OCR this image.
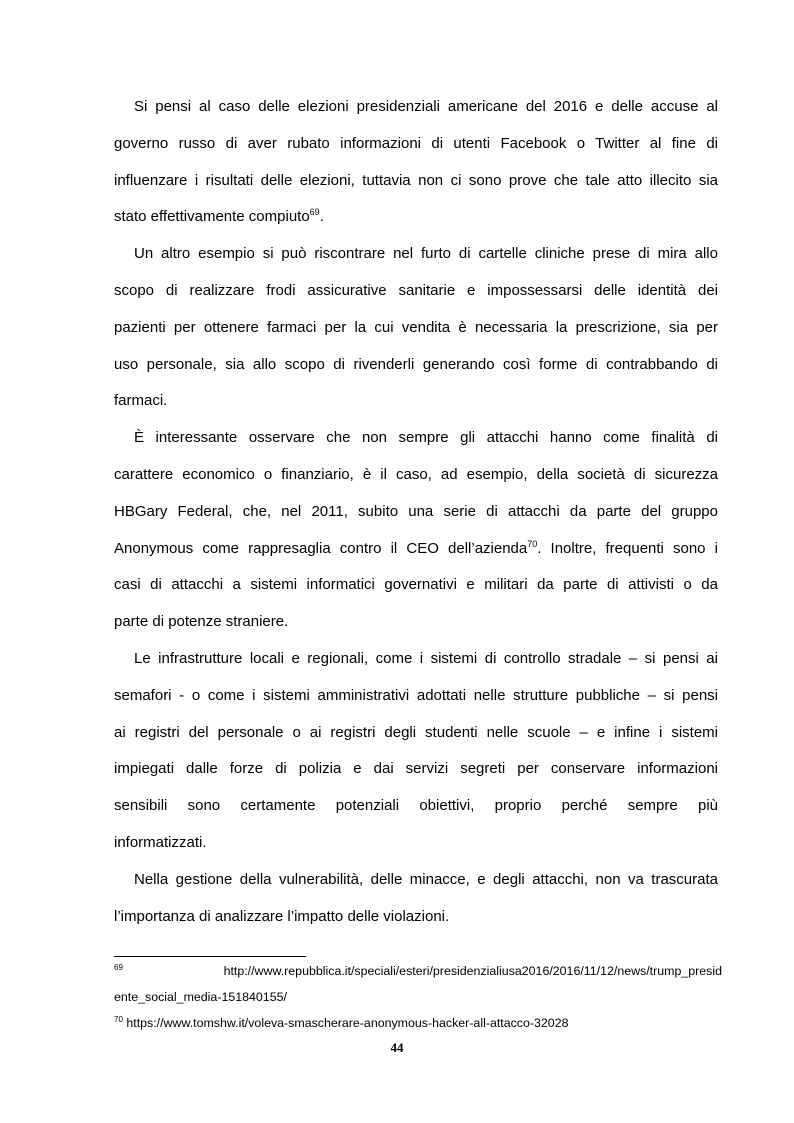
Si pensi al caso delle elezioni presidenziali americane del 2016 e delle accuse al
governo russo di aver rubato informazioni di utenti Facebook o Twitter al fine di
influenzare i risultati delle elezioni, tuttavia non ci sono prove che tale atto illecito sia
stato effettivamente compiuto$^{69}$.

Un altro esempio si può riscontrare nel furto di cartelle cliniche prese di mira allo
scopo di realizzare frodi assicurative sanitarie e impossessarsi delle identità dei
pazienti per ottenere farmaci per la cui vendita è necessaria la prescrizione, sia per
uso personale, sia allo scopo di rivenderli generando così forme di contrabbando di
farmaci.

È interessante osservare che non sempre gli attacchi hanno come finalità di
carattere economico o finanziario, è il caso, ad esempio, della società di sicurezza
HBGary Federal, che, nel 2011, subito una serie di attacchi da parte del gruppo
Anonymous come rappresaglia contro il CEO dell’azienda$^{70}$. Inoltre, frequenti sono i
casi di attacchi a sistemi informatici governativi e militari da parte di attivisti o da
parte di potenze straniere.

Le infrastrutture locali e regionali, come i sistemi di controllo stradale – si pensi ai
semafori - o come i sistemi amministrativi adottati nelle strutture pubbliche – si pensi
ai registri del personale o ai registri degli studenti nelle scuole – e infine i sistemi
impiegati dalle forze di polizia e dai servizi segreti per conservare informazioni
sensibili sono certamente potenziali obiettivi, proprio perché sempre più
informatizzati.

Nella gestione della vulnerabilità, delle minacce, e degli attacchi, non va trascurata
l’importanza di analizzare l’impatto delle violazioni.

$^{69}$	http://www.repubblica.it/speciali/esteri/presidenzialiusa2016/2016/11/12/news/trump_presid
ente_social_media-151840155/
$^{70}$ https://www.tomshw.it/voleva-smascherare-anonymous-hacker-all-attacco-32028
44
